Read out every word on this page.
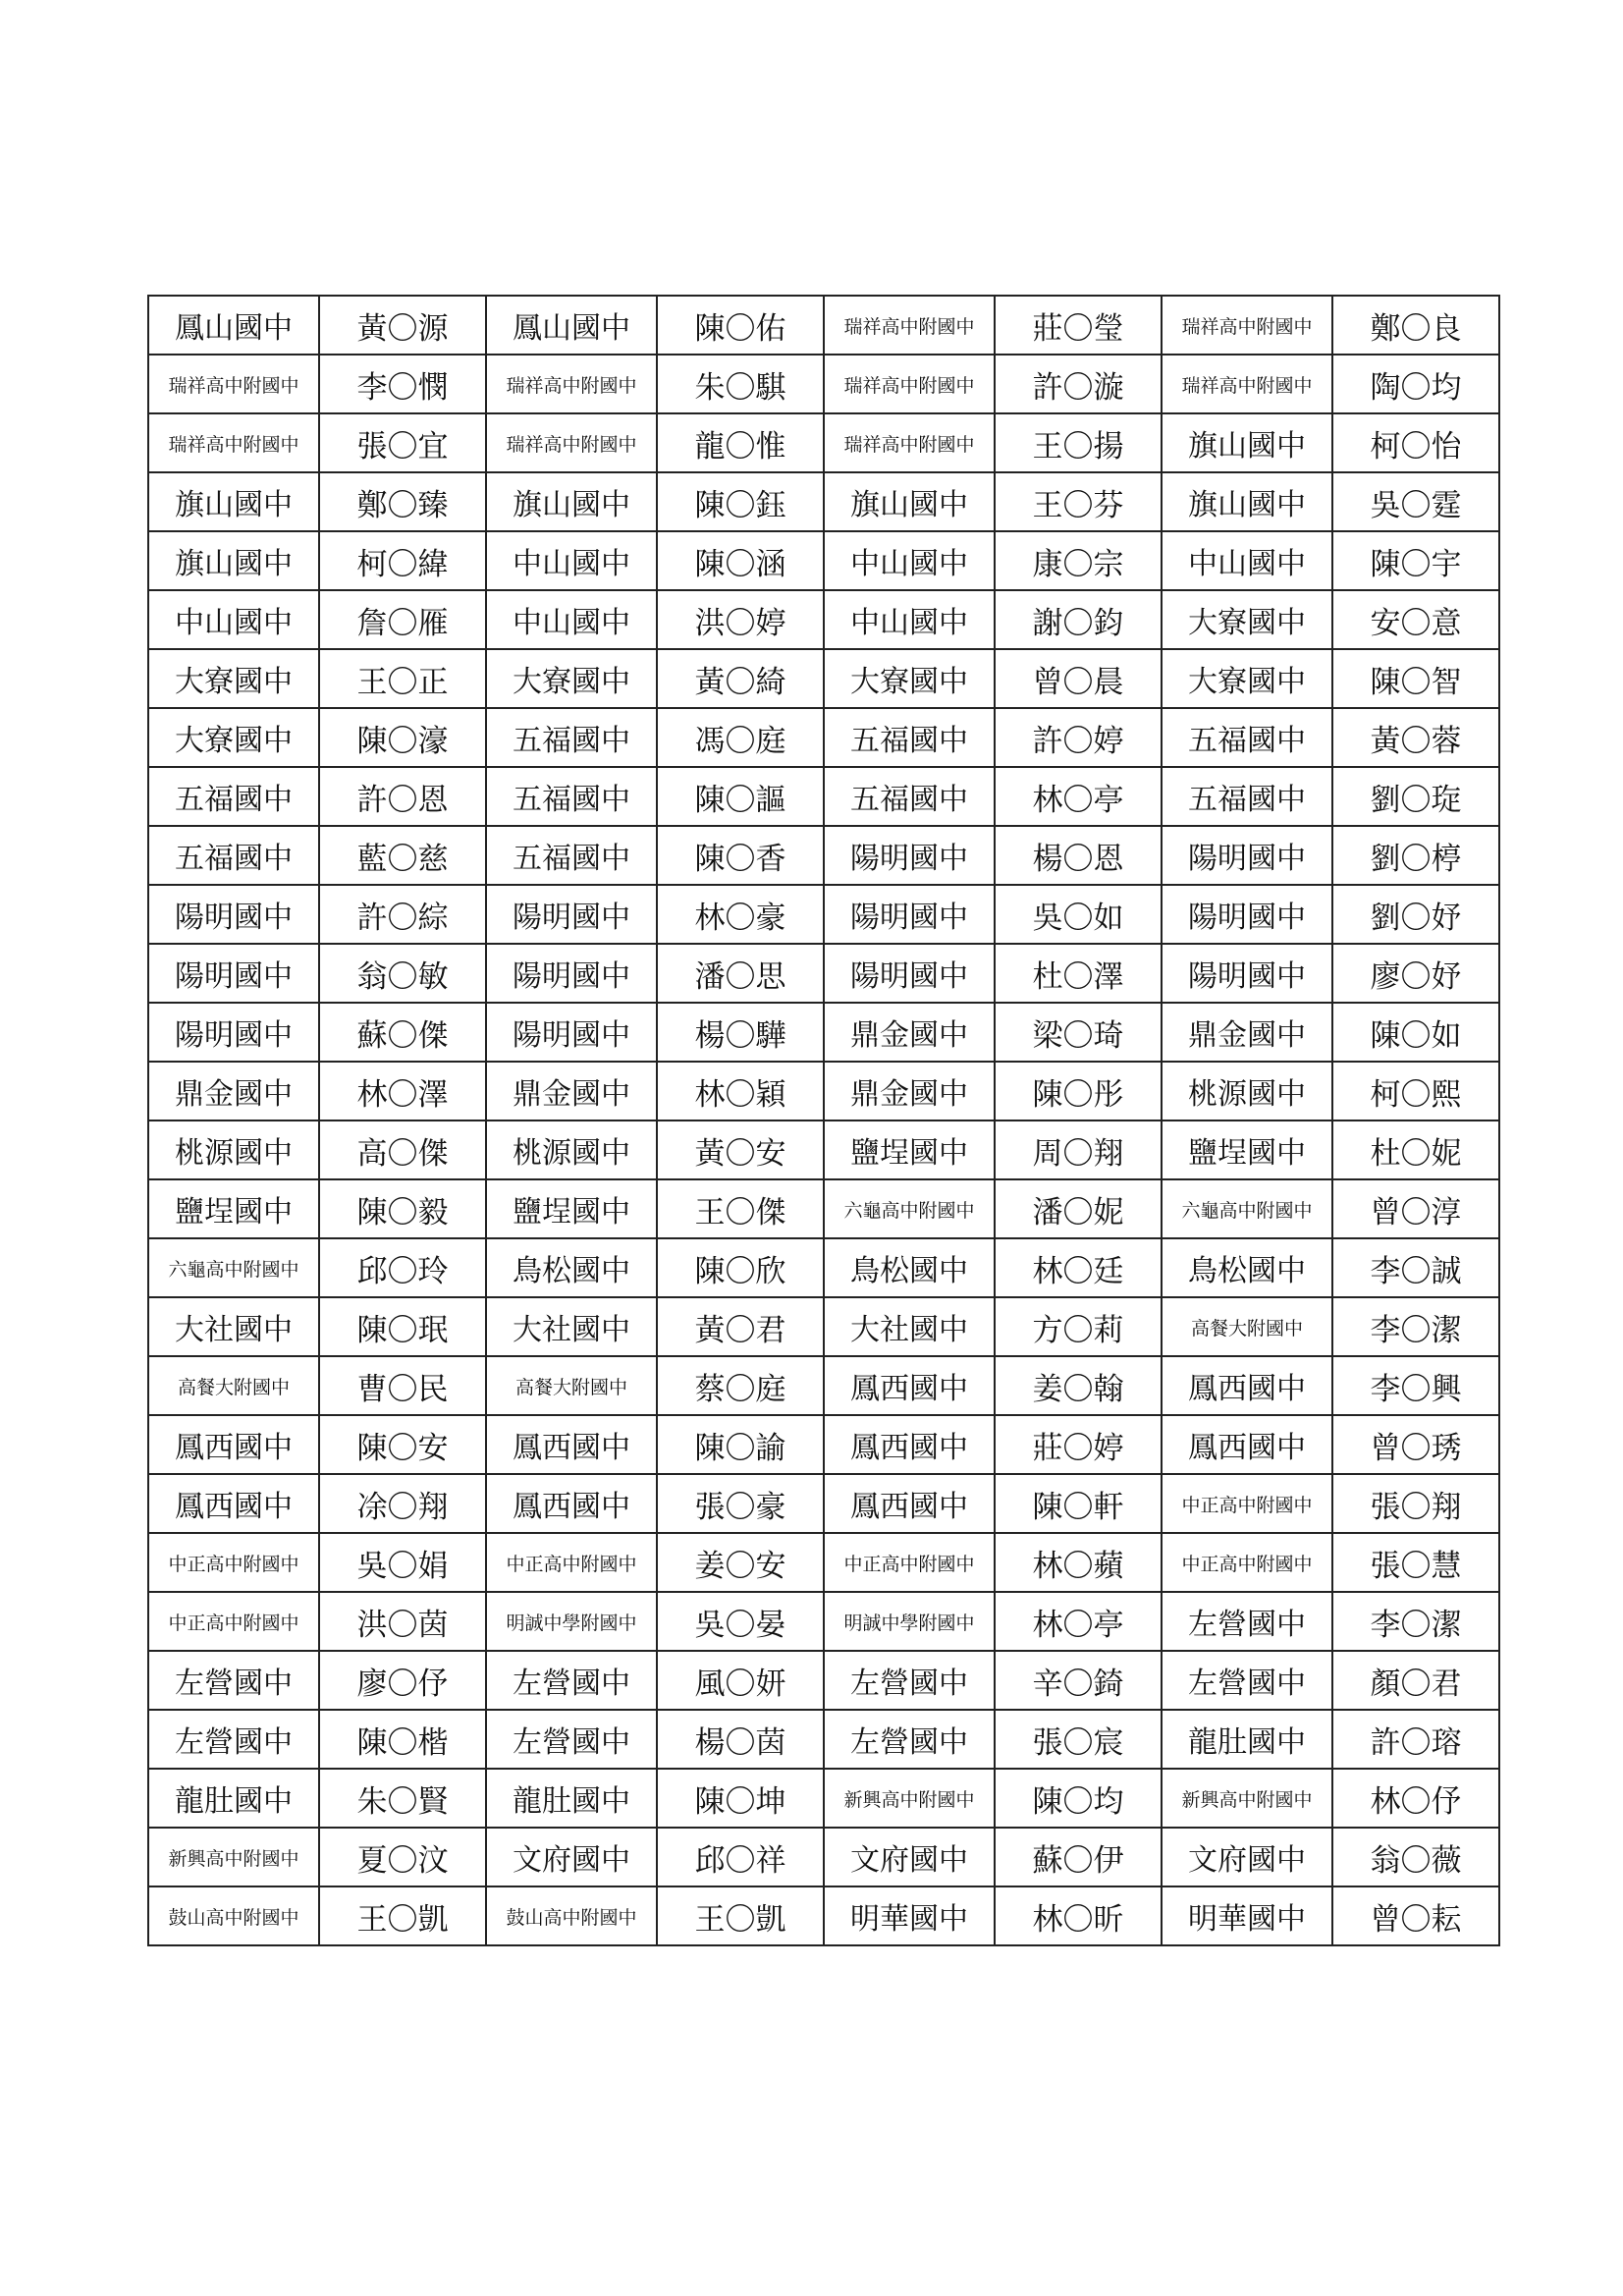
鳳山國中	黃〇源	鳳山國中	陳〇佑	瑞祥高中附國中	莊〇瑩	瑞祥高中附國中	鄭〇良
瑞祥高中附國中	李〇憫	瑞祥高中附國中	朱〇騏	瑞祥高中附國中	許〇漩	瑞祥高中附國中	陶〇均
瑞祥高中附國中	張〇宜	瑞祥高中附國中	龍〇惟	瑞祥高中附國中	王〇揚	旗山國中	柯〇怡
旗山國中	鄭〇臻	旗山國中	陳〇鈺	旗山國中	王〇芬	旗山國中	吳〇霆
旗山國中	柯〇緯	中山國中	陳〇涵	中山國中	康〇宗	中山國中	陳〇宇
中山國中	詹〇雁	中山國中	洪〇婷	中山國中	謝〇鈞	大寮國中	安〇意
大寮國中	王〇正	大寮國中	黃〇綺	大寮國中	曾〇晨	大寮國中	陳〇智
大寮國中	陳〇濠	五福國中	馮〇庭	五福國中	許〇婷	五福國中	黃〇蓉
五福國中	許〇恩	五福國中	陳〇謳	五福國中	林〇亭	五福國中	劉〇琁
五福國中	藍〇慈	五福國中	陳〇香	陽明國中	楊〇恩	陽明國中	劉〇楟
陽明國中	許〇綜	陽明國中	林〇豪	陽明國中	吳〇如	陽明國中	劉〇妤
陽明國中	翁〇敏	陽明國中	潘〇思	陽明國中	杜〇澤	陽明國中	廖〇妤
陽明國中	蘇〇傑	陽明國中	楊〇驊	鼎金國中	梁〇琦	鼎金國中	陳〇如
鼎金國中	林〇澤	鼎金國中	林〇穎	鼎金國中	陳〇彤	桃源國中	柯〇熙
桃源國中	高〇傑	桃源國中	黃〇安	鹽埕國中	周〇翔	鹽埕國中	杜〇妮
鹽埕國中	陳〇毅	鹽埕國中	王〇傑	六龜高中附國中	潘〇妮	六龜高中附國中	曾〇淳
六龜高中附國中	邱〇玲	鳥松國中	陳〇欣	鳥松國中	林〇廷	鳥松國中	李〇誠
大社國中	陳〇珉	大社國中	黃〇君	大社國中	方〇莉	高餐大附國中	李〇潔
高餐大附國中	曹〇民	高餐大附國中	蔡〇庭	鳳西國中	姜〇翰	鳳西國中	李〇興
鳳西國中	陳〇安	鳳西國中	陳〇諭	鳳西國中	莊〇婷	鳳西國中	曾〇琇
鳳西國中	凃〇翔	鳳西國中	張〇豪	鳳西國中	陳〇軒	中正高中附國中	張〇翔
中正高中附國中	吳〇娟	中正高中附國中	姜〇安	中正高中附國中	林〇蘋	中正高中附國中	張〇慧
中正高中附國中	洪〇茵	明誠中學附國中	吳〇晏	明誠中學附國中	林〇亭	左營國中	李〇潔
左營國中	廖〇伃	左營國中	風〇妍	左營國中	辛〇錡	左營國中	顏〇君
左營國中	陳〇楷	左營國中	楊〇茵	左營國中	張〇宸	龍肚國中	許〇瑢
龍肚國中	朱〇賢	龍肚國中	陳〇坤	新興高中附國中	陳〇均	新興高中附國中	林〇伃
新興高中附國中	夏〇汶	文府國中	邱〇祥	文府國中	蘇〇伊	文府國中	翁〇薇
鼓山高中附國中	王〇凱	鼓山高中附國中	王〇凱	明華國中	林〇昕	明華國中	曾〇耘
